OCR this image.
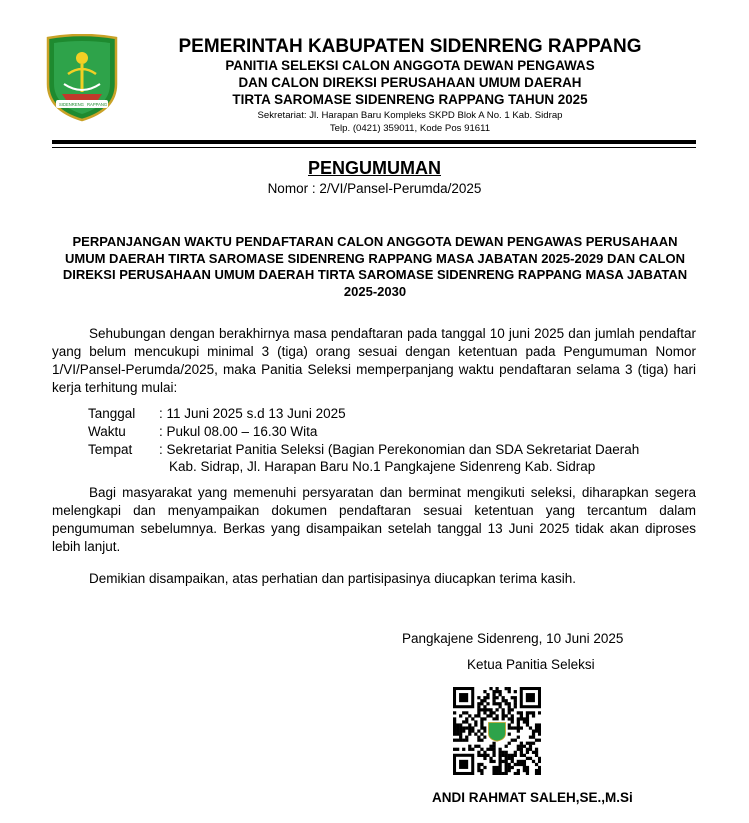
SIDENRENG RAPPANG
PEMERINTAH KABUPATEN SIDENRENG RAPPANG
PANITIA SELEKSI CALON ANGGOTA DEWAN PENGAWAS
DAN CALON DIREKSI PERUSAHAAN UMUM DAERAH
TIRTA SAROMASE SIDENRENG RAPPANG TAHUN 2025
Sekretariat: Jl. Harapan Baru Kompleks SKPD Blok A No. 1 Kab. Sidrap
Telp. (0421) 359011, Kode Pos 91611
PENGUMUMAN
Nomor : 2/VI/Pansel-Perumda/2025
PERPANJANGAN WAKTU PENDAFTARAN CALON ANGGOTA DEWAN PENGAWAS PERUSAHAAN UMUM DAERAH TIRTA SAROMASE SIDENRENG RAPPANG MASA JABATAN 2025-2029 DAN CALON DIREKSI PERUSAHAAN UMUM DAERAH TIRTA SAROMASE SIDENRENG RAPPANG MASA JABATAN 2025-2030
Sehubungan dengan berakhirnya masa pendaftaran pada tanggal 10 juni 2025 dan jumlah pendaftar yang belum mencukupi minimal 3 (tiga) orang sesuai dengan ketentuan pada Pengumuman Nomor 1/VI/Pansel-Perumda/2025, maka Panitia Seleksi memperpanjang waktu pendaftaran selama 3 (tiga) hari kerja terhitung mulai:
Tanggal : 11 Juni 2025 s.d 13 Juni 2025
Waktu : Pukul 08.00 – 16.30 Wita
Tempat : Sekretariat Panitia Seleksi (Bagian Perekonomian dan SDA Sekretariat Daerah
Kab. Sidrap, Jl. Harapan Baru No.1 Pangkajene Sidenreng Kab. Sidrap
Bagi masyarakat yang memenuhi persyaratan dan berminat mengikuti seleksi, diharapkan segera melengkapi dan menyampaikan dokumen pendaftaran sesuai ketentuan yang tercantum dalam pengumuman sebelumnya. Berkas yang disampaikan setelah tanggal 13 Juni 2025 tidak akan diproses lebih lanjut.
Demikian disampaikan, atas perhatian dan partisipasinya diucapkan terima kasih.
Pangkajene Sidenreng, 10 Juni 2025
Ketua Panitia Seleksi
ANDI RAHMAT SALEH,SE.,M.Si
